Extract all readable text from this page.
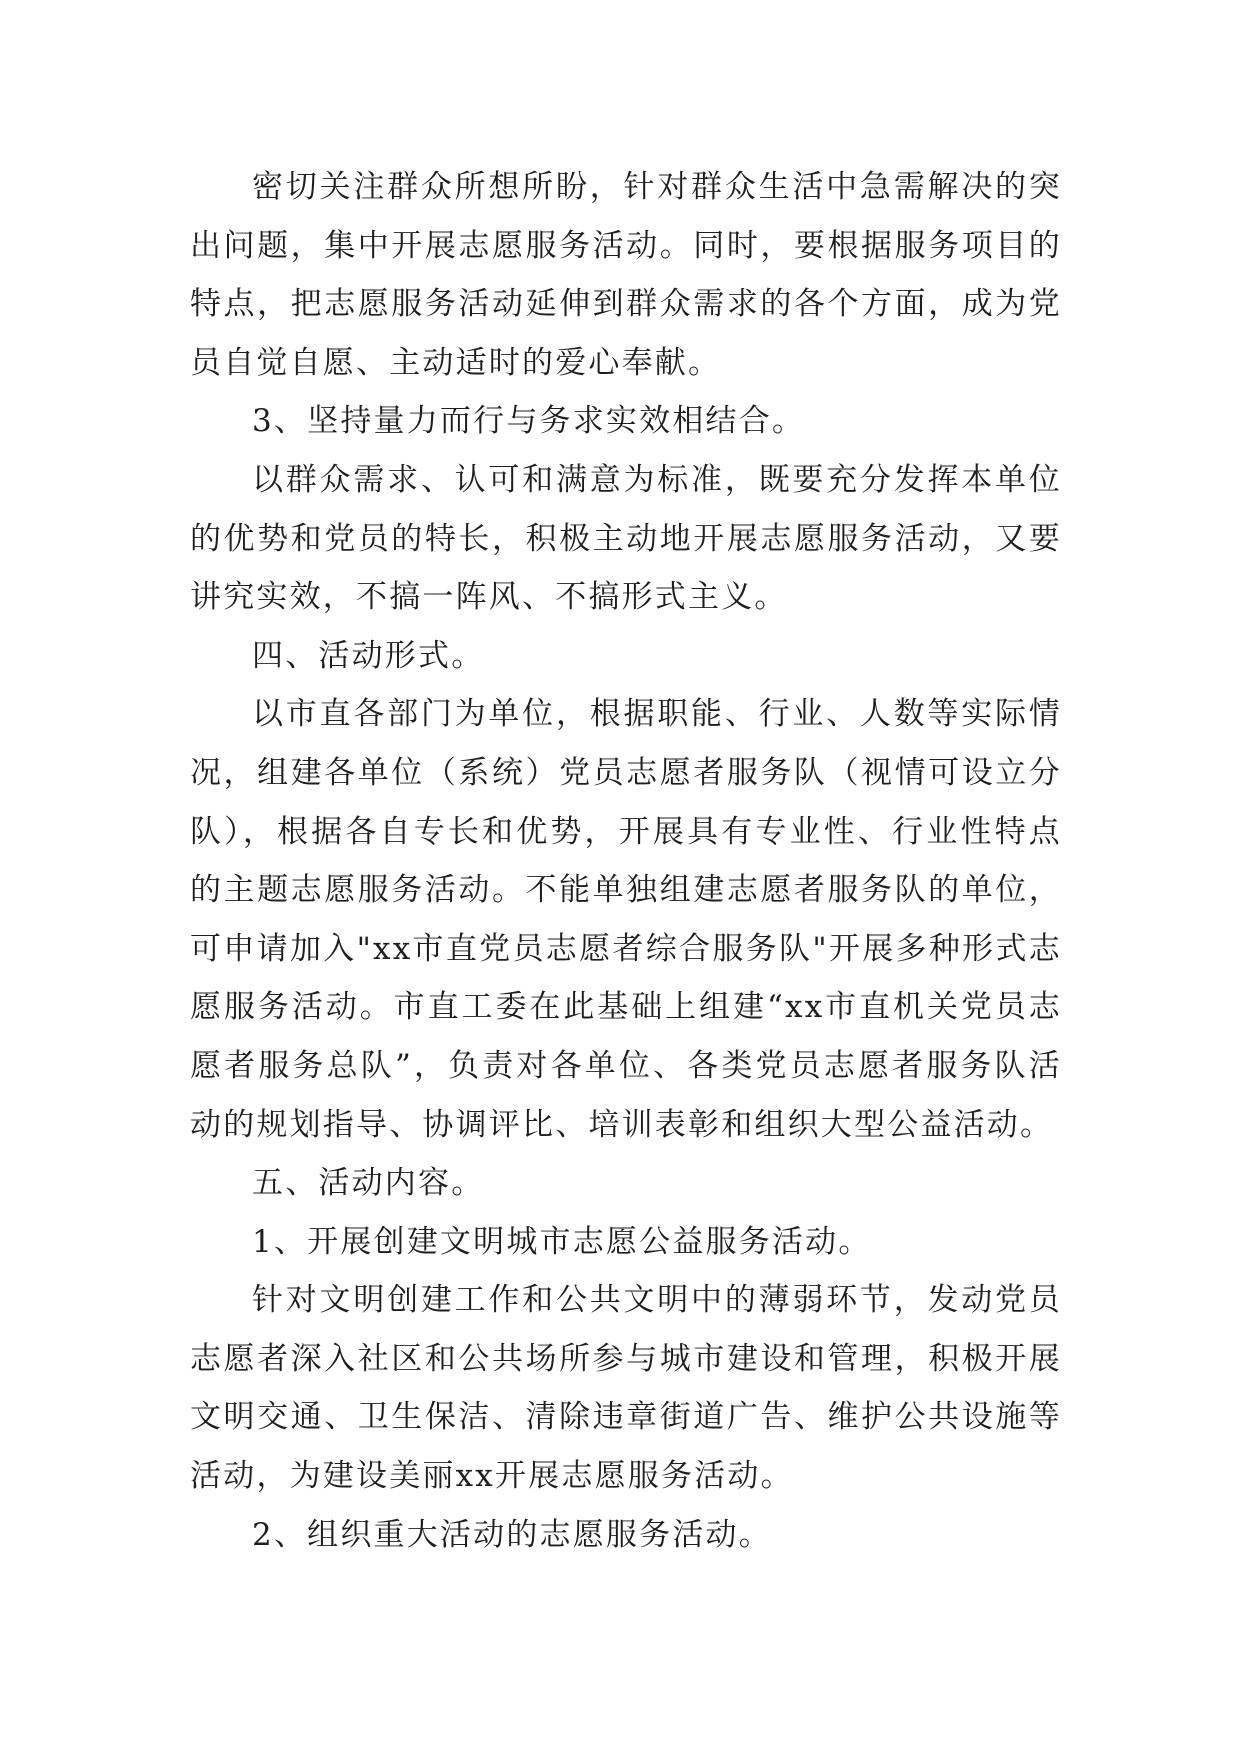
密切关注群众所想所盼，针对群众生活中急需解决的突出问题，集中开展志愿服务活动。同时，要根据服务项目的特点，把志愿服务活动延伸到群众需求的各个方面，成为党员自觉自愿、主动适时的爱心奉献。

3、坚持量力而行与务求实效相结合。

以群众需求、认可和满意为标准，既要充分发挥本单位的优势和党员的特长，积极主动地开展志愿服务活动，又要讲究实效，不搞一阵风、不搞形式主义。

四、活动形式。

以市直各部门为单位，根据职能、行业、人数等实际情况，组建各单位（系统）党员志愿者服务队（视情可设立分队），根据各自专长和优势，开展具有专业性、行业性特点的主题志愿服务活动。不能单独组建志愿者服务队的单位，可申请加入"xx市直党员志愿者综合服务队"开展多种形式志愿服务活动。市直工委在此基础上组建“xx市直机关党员志愿者服务总队”，负责对各单位、各类党员志愿者服务队活动的规划指导、协调评比、培训表彰和组织大型公益活动。

五、活动内容。

1、开展创建文明城市志愿公益服务活动。

针对文明创建工作和公共文明中的薄弱环节，发动党员志愿者深入社区和公共场所参与城市建设和管理，积极开展文明交通、卫生保洁、清除违章街道广告、维护公共设施等活动，为建设美丽xx开展志愿服务活动。

2、组织重大活动的志愿服务活动。
